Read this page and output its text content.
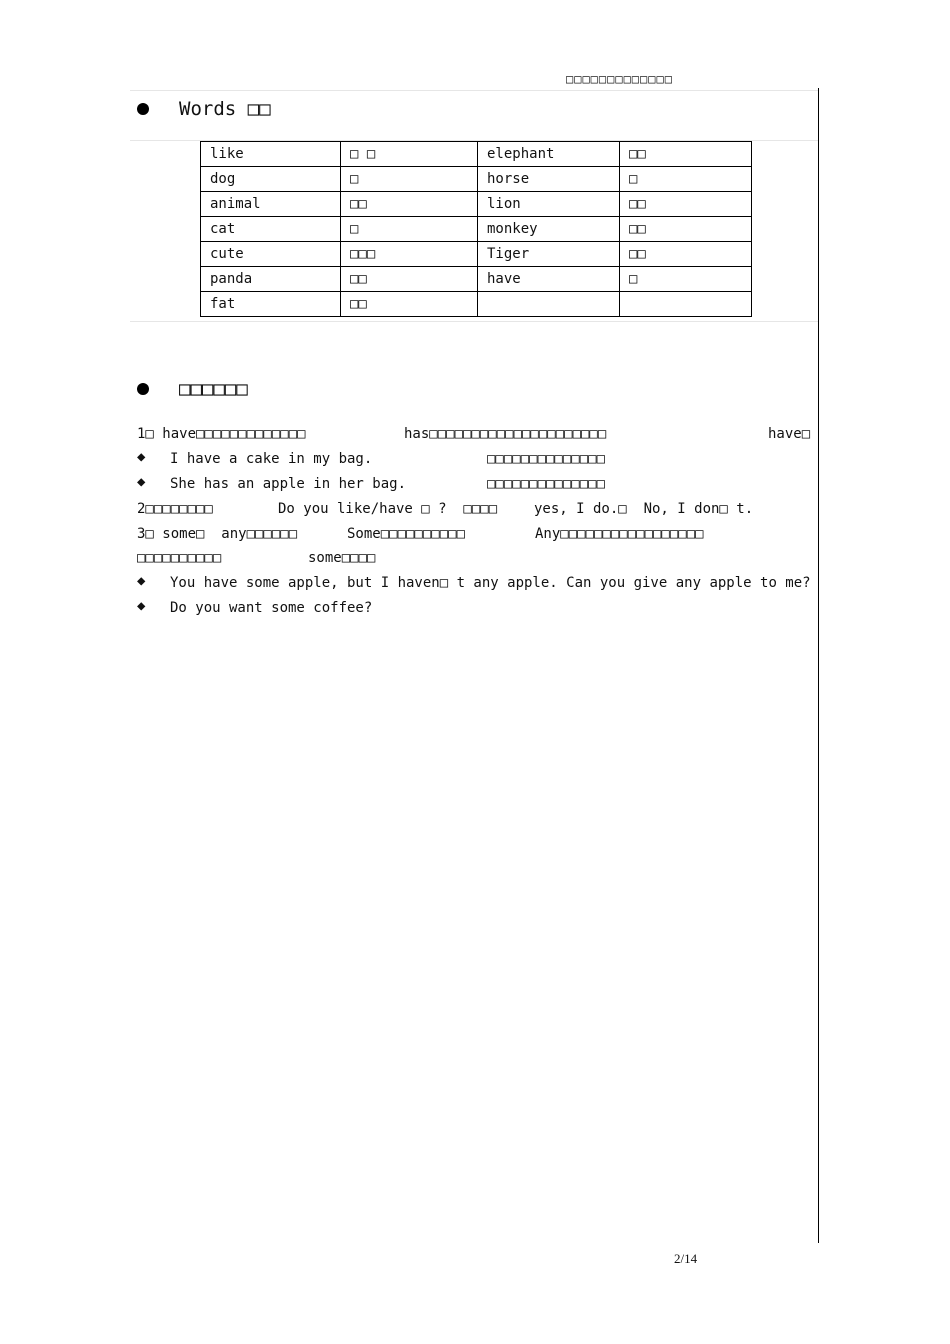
□□□□□□□□□□□□□
Words □□
like	□ □	elephant	□□
dog	□	horse	□
animal	□□	lion	□□
cat	□	monkey	□□
cute	□□□	Tiger	□□
panda	□□	have	□
fat	□□		
□□□□□□
1□ have□□□□□□□□□□□□□	has□□□□□□□□□□□□□□□□□□□□□	have□
◆ I have a cake in my bag.	□□□□□□□□□□□□□□
◆ She has an apple in her bag.	□□□□□□□□□□□□□□
2□□□□□□□□	Do you like/have □ ?  □□□□	yes, I do.□  No, I don□ t.
3□ some□  any□□□□□□	Some□□□□□□□□□□	Any□□□□□□□□□□□□□□□□□
□□□□□□□□□□	some□□□□
◆ You have some apple, but I haven□ t any apple. Can you give any apple to me?
◆ Do you want some coffee?
2/14
